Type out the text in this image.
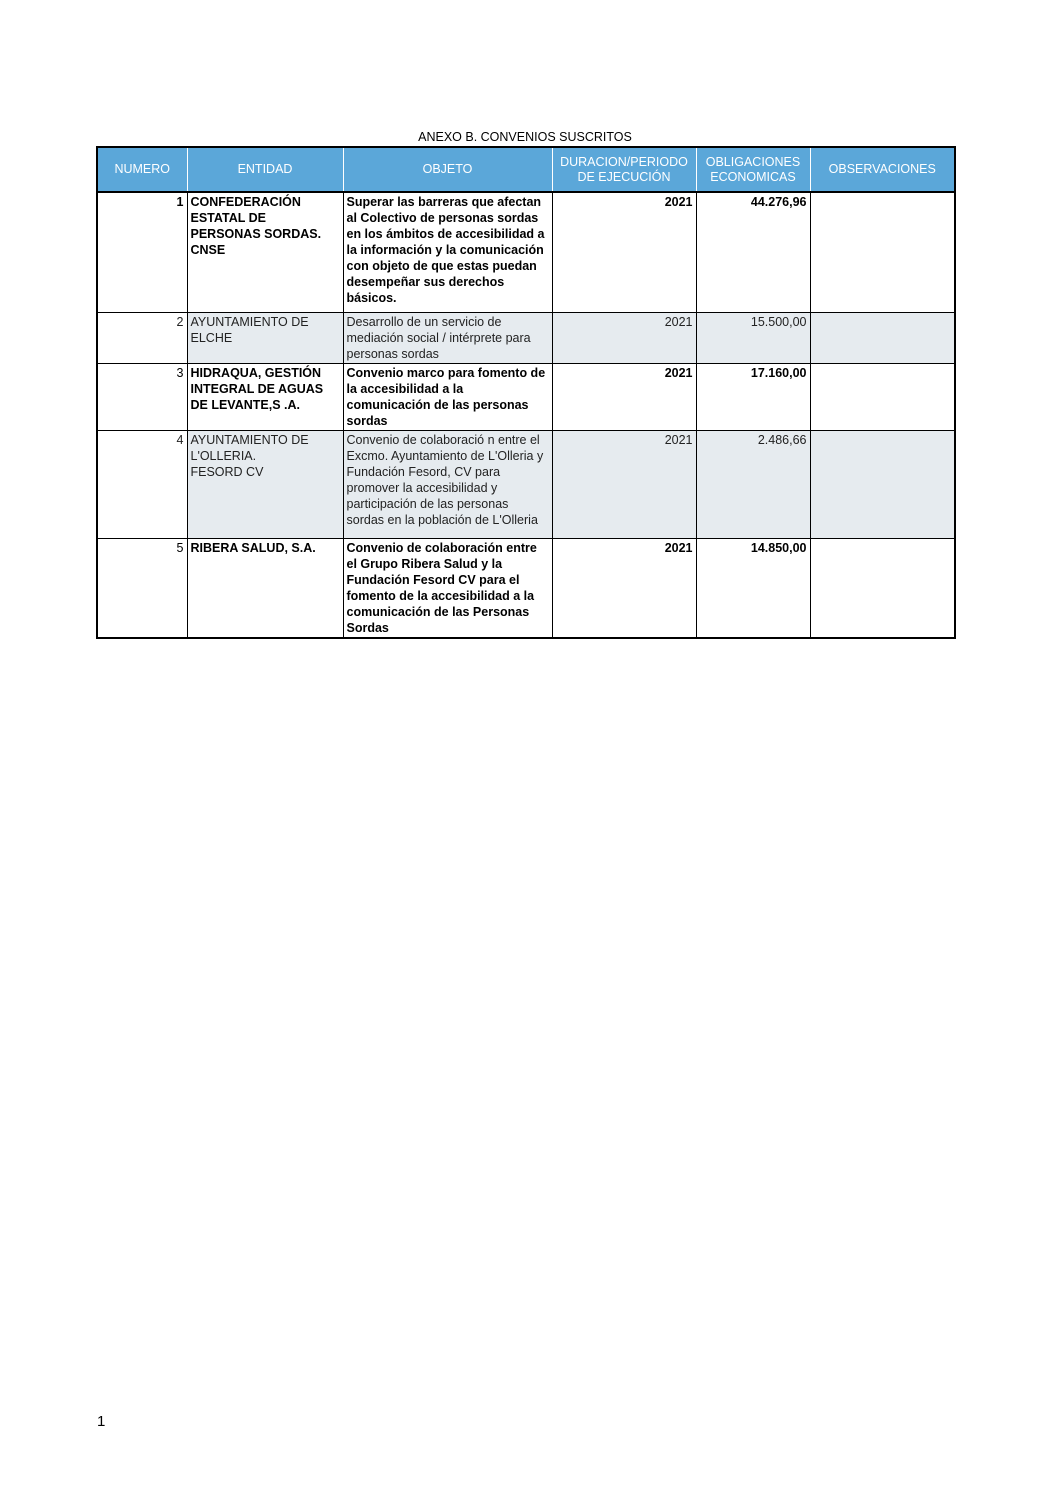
ANEXO B. CONVENIOS SUSCRITOS
NUMERO	ENTIDAD	OBJETO	DURACION/PERIODO DE EJECUCIÓN	OBLIGACIONES ECONOMICAS	OBSERVACIONES
1	CONFEDERACIÓN ESTATAL DE PERSONAS SORDAS. CNSE	Superar las barreras que afectan al Colectivo de personas sordas en los ámbitos de accesibilidad a la información y la comunicación con objeto de que estas puedan desempeñar sus derechos básicos.	2021	44.276,96	
2	AYUNTAMIENTO DE ELCHE	Desarrollo de un servicio de mediación social / intérprete para personas sordas	2021	15.500,00	
3	HIDRAQUA, GESTIÓN INTEGRAL DE AGUAS DE LEVANTE,S .A.	Convenio marco para fomento de la accesibilidad a la comunicación de las personas sordas	2021	17.160,00	
4	AYUNTAMIENTO DE L'OLLERIA.
FESORD CV	Convenio de colaboració n entre el Excmo. Ayuntamiento de L'Olleria y Fundación Fesord, CV para promover la accesibilidad y participación de las personas sordas en la población de L'Olleria	2021	2.486,66	
5	RIBERA SALUD, S.A.	Convenio de colaboración entre el Grupo Ribera Salud y la Fundación Fesord CV para el fomento de la accesibilidad a la comunicación de las Personas Sordas	2021	14.850,00	
1
